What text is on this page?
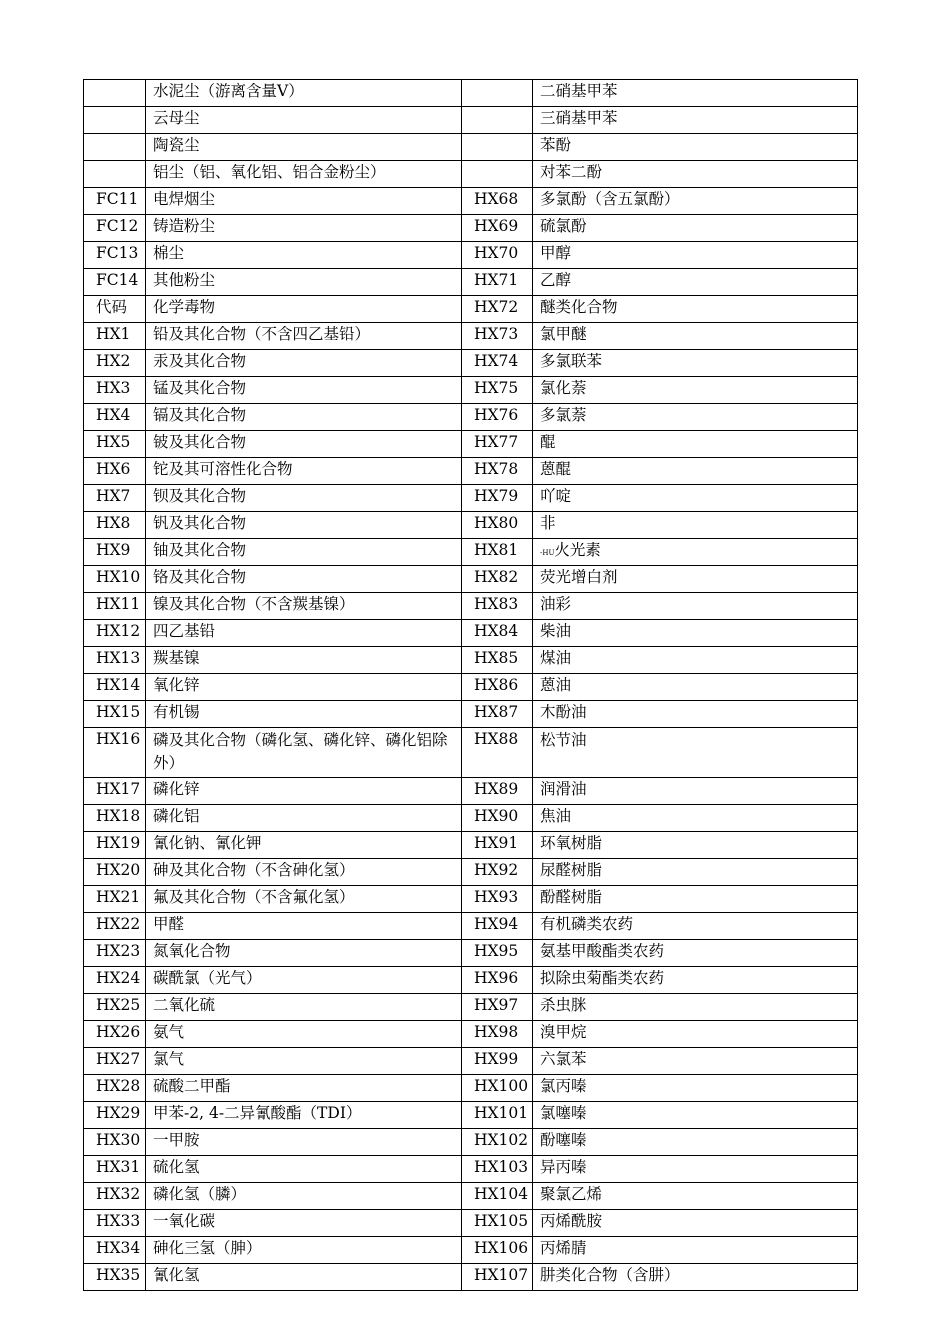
	水泥尘（游离含量Ⅴ）		二硝基甲苯
	云母尘		三硝基甲苯
	陶瓷尘		苯酚
	铝尘（铝、氧化铝、铝合金粉尘）		对苯二酚
FC11	电焊烟尘	HX68	多氯酚（含五氯酚）
FC12	铸造粉尘	HX69	硫氯酚
FC13	棉尘	HX70	甲醇
FC14	其他粉尘	HX71	乙醇
代码	化学毒物	HX72	醚类化合物
HX1	铅及其化合物（不含四乙基铅）	HX73	氯甲醚
HX2	汞及其化合物	HX74	多氯联苯
HX3	锰及其化合物	HX75	氯化萘
HX4	镉及其化合物	HX76	多氯萘
HX5	铍及其化合物	HX77	醌
HX6	铊及其可溶性化合物	HX78	蒽醌
HX7	钡及其化合物	HX79	吖啶
HX8	钒及其化合物	HX80	非
HX9	铀及其化合物	HX81	-HU火光素
HX10	铬及其化合物	HX82	荧光增白剂
HX11	镍及其化合物（不含羰基镍）	HX83	油彩
HX12	四乙基铅	HX84	柴油
HX13	羰基镍	HX85	煤油
HX14	氧化锌	HX86	蒽油
HX15	有机锡	HX87	木酚油
HX16	磷及其化合物（磷化氢、磷化锌、磷化铝除外）	HX88	松节油
HX17	磷化锌	HX89	润滑油
HX18	磷化铝	HX90	焦油
HX19	氰化钠、氰化钾	HX91	环氧树脂
HX20	砷及其化合物（不含砷化氢）	HX92	尿醛树脂
HX21	氟及其化合物（不含氟化氢）	HX93	酚醛树脂
HX22	甲醛	HX94	有机磷类农药
HX23	氮氧化合物	HX95	氨基甲酸酯类农药
HX24	碳酰氯（光气）	HX96	拟除虫菊酯类农药
HX25	二氧化硫	HX97	杀虫脒
HX26	氨气	HX98	溴甲烷
HX27	氯气	HX99	六氯苯
HX28	硫酸二甲酯	HX100	氯丙嗪
HX29	甲苯-2, 4-二异氰酸酯（TDI）	HX101	氯噻嗪
HX30	一甲胺	HX102	酚噻嗪
HX31	硫化氢	HX103	异丙嗪
HX32	磷化氢（膦）	HX104	聚氯乙烯
HX33	一氧化碳	HX105	丙烯酰胺
HX34	砷化三氢（胂）	HX106	丙烯腈
HX35	氰化氢	HX107	肼类化合物（含肼）
